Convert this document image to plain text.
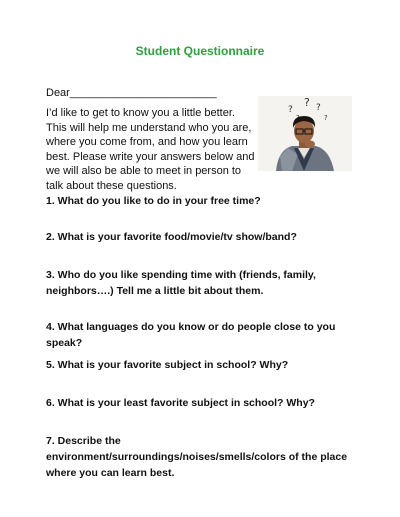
Student Questionnaire
Dear________________________
I’d like to get to know you a little better. This will help me understand who you are, where you come from, and how you learn best. Please write your answers below and we will also be able to meet in person to talk about these questions.
?
? ?
?
1. What do you like to do in your free time?
2. What is your favorite food/movie/tv show/band?
3. Who do you like spending time with (friends, family, neighbors….) Tell me a little bit about them.
4. What languages do you know or do people close to you speak?
5. What is your favorite subject in school? Why?
6. What is your least favorite subject in school? Why?
7. Describe the environment/surroundings/noises/smells/colors of the place where you can learn best.
